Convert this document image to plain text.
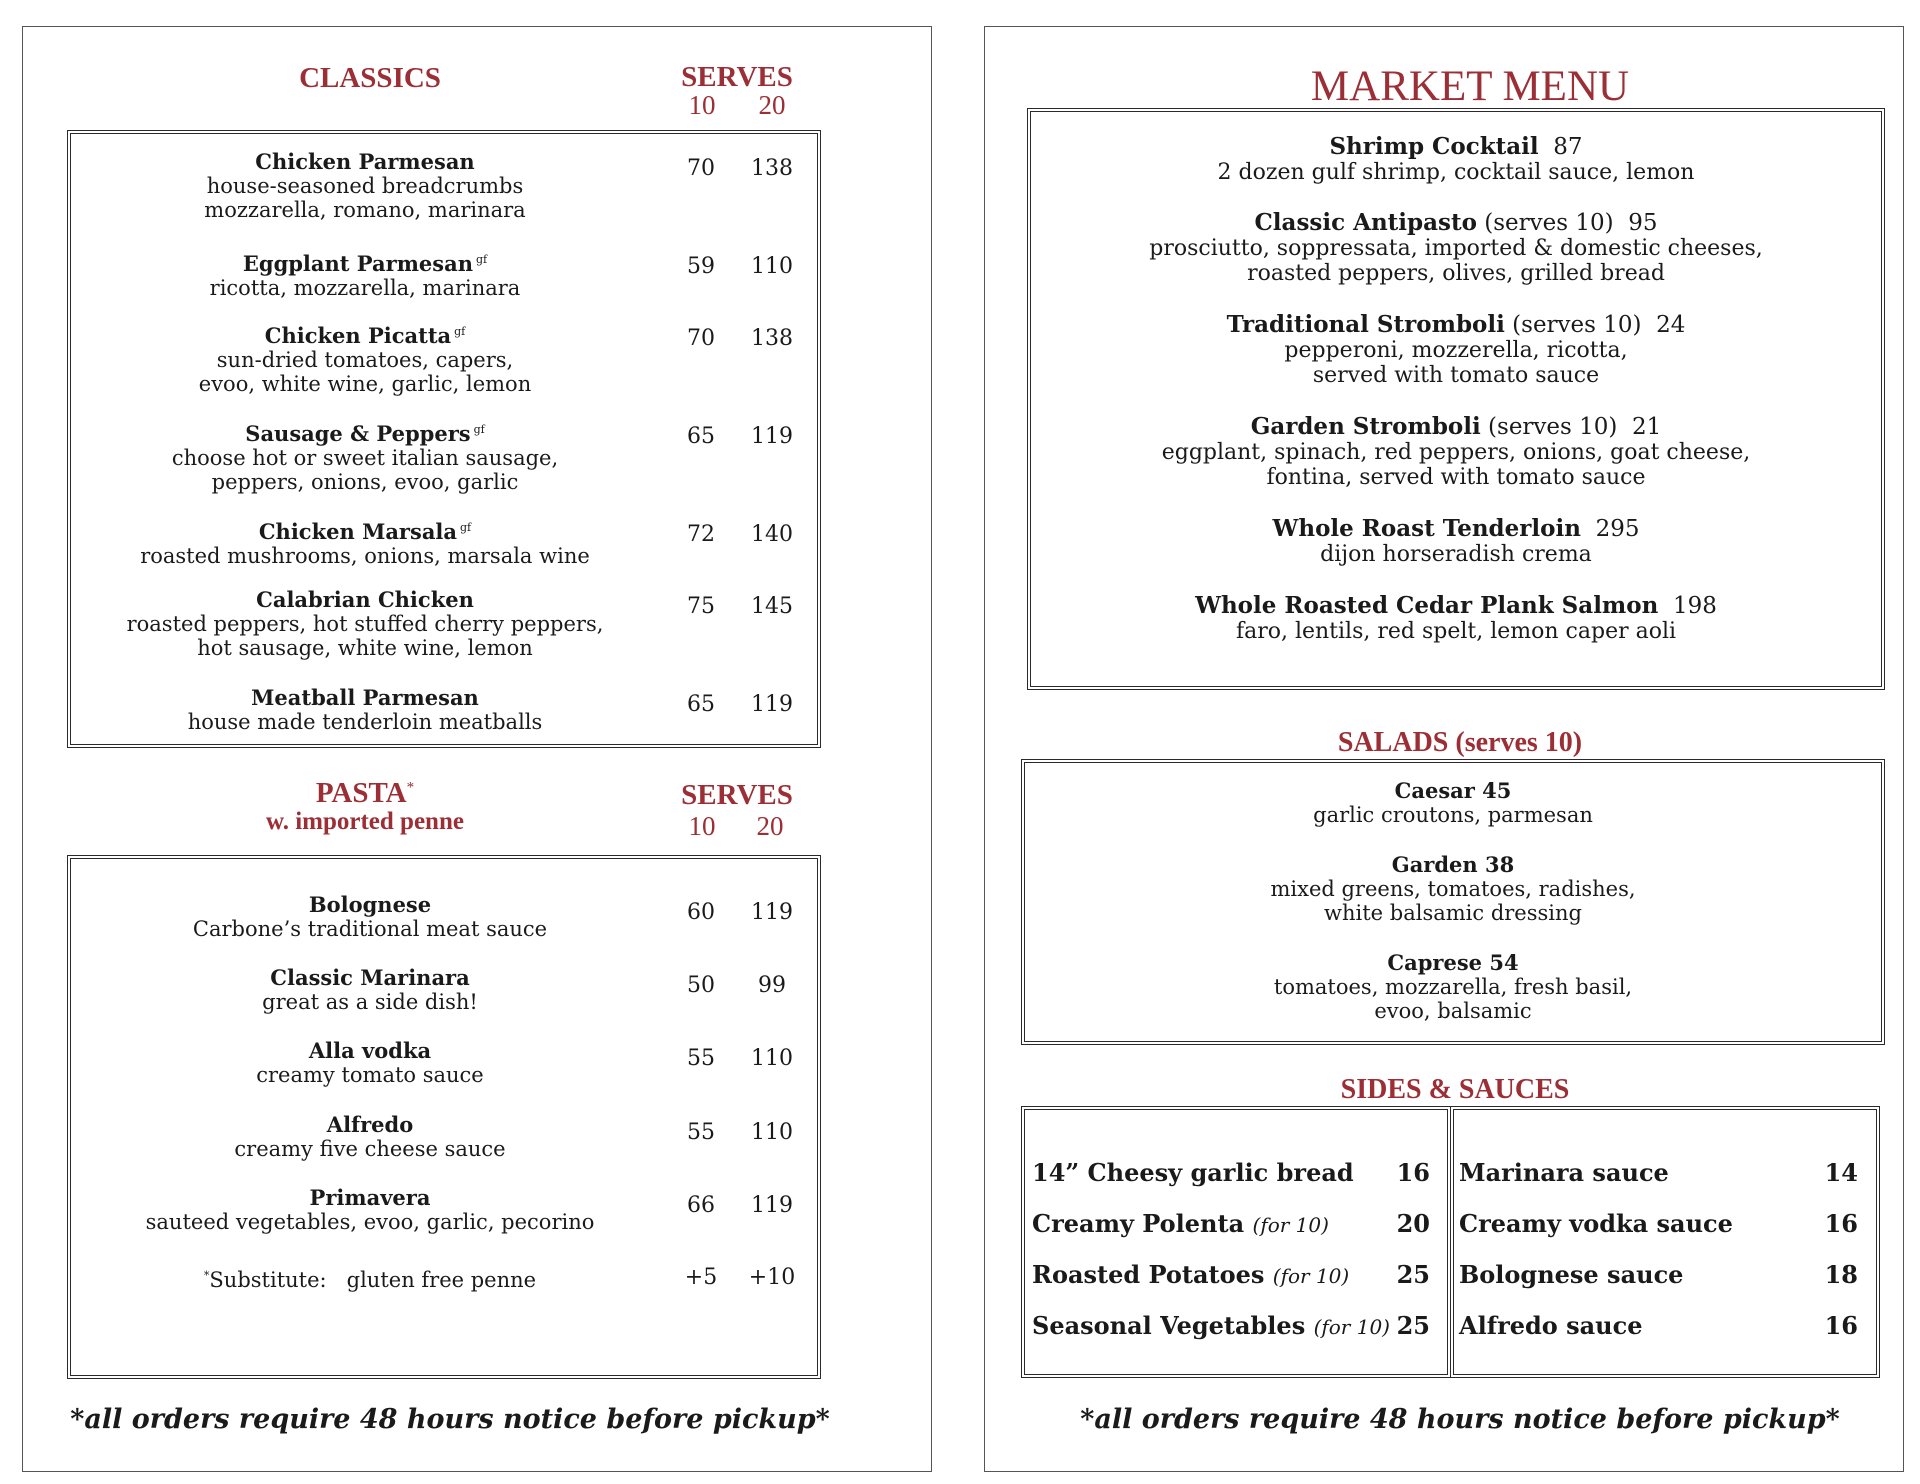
CLASSICS	SERVES
10 20
Chicken Parmesan
house-seasoned breadcrumbs
mozzarella, romano, marinara
70	138
Eggplant Parmesan $^{gf}$
ricotta, mozzarella, marinara
59	110
Chicken Picatta $^{gf}$
sun-dried tomatoes, capers,
evoo, white wine, garlic, lemon
70	138
Sausage & Peppers $^{gf}$
choose hot or sweet italian sausage,
peppers, onions, evoo, garlic
65	119
Chicken Marsala $^{gf}$
roasted mushrooms, onions, marsala wine
72	140
Calabrian Chicken
roasted peppers, hot stuffed cherry peppers,
hot sausage, white wine, lemon
75	145
Meatball Parmesan
house made tenderloin meatballs
65	119
PASTA*
w. imported penne
SERVES
10 20
Bolognese
Carbone’s traditional meat sauce
60	119
Classic Marinara
great as a side dish!
50	99
Alla vodka
creamy tomato sauce
55	110
Alfredo
creamy five cheese sauce
55	110
Primavera
sauteed vegetables, evoo, garlic, pecorino
66	119
*Substitute: gluten free penne	+5	+10
*all orders require 48 hours notice before pickup*
MARKET MENU
Shrimp Cocktail 87
2 dozen gulf shrimp, cocktail sauce, lemon
Classic Antipasto (serves 10) 95
prosciutto, soppressata, imported & domestic cheeses,
roasted peppers, olives, grilled bread
Traditional Stromboli (serves 10) 24
pepperoni, mozzerella, ricotta,
served with tomato sauce
Garden Stromboli (serves 10) 21
eggplant, spinach, red peppers, onions, goat cheese,
fontina, served with tomato sauce
Whole Roast Tenderloin 295
dijon horseradish crema
Whole Roasted Cedar Plank Salmon 198
faro, lentils, red spelt, lemon caper aoli
SALADS (serves 10)
Caesar 45
garlic croutons, parmesan
Garden 38
mixed greens, tomatoes, radishes,
white balsamic dressing
Caprese 54
tomatoes, mozzarella, fresh basil,
evoo, balsamic
SIDES & SAUCES
14” Cheesy garlic bread	16
Creamy Polenta (for 10)	20
Roasted Potatoes (for 10)	25
Seasonal Vegetables (for 10) 25
Marinara sauce	14
Creamy vodka sauce	16
Bolognese sauce	18
Alfredo sauce	16
*all orders require 48 hours notice before pickup*
